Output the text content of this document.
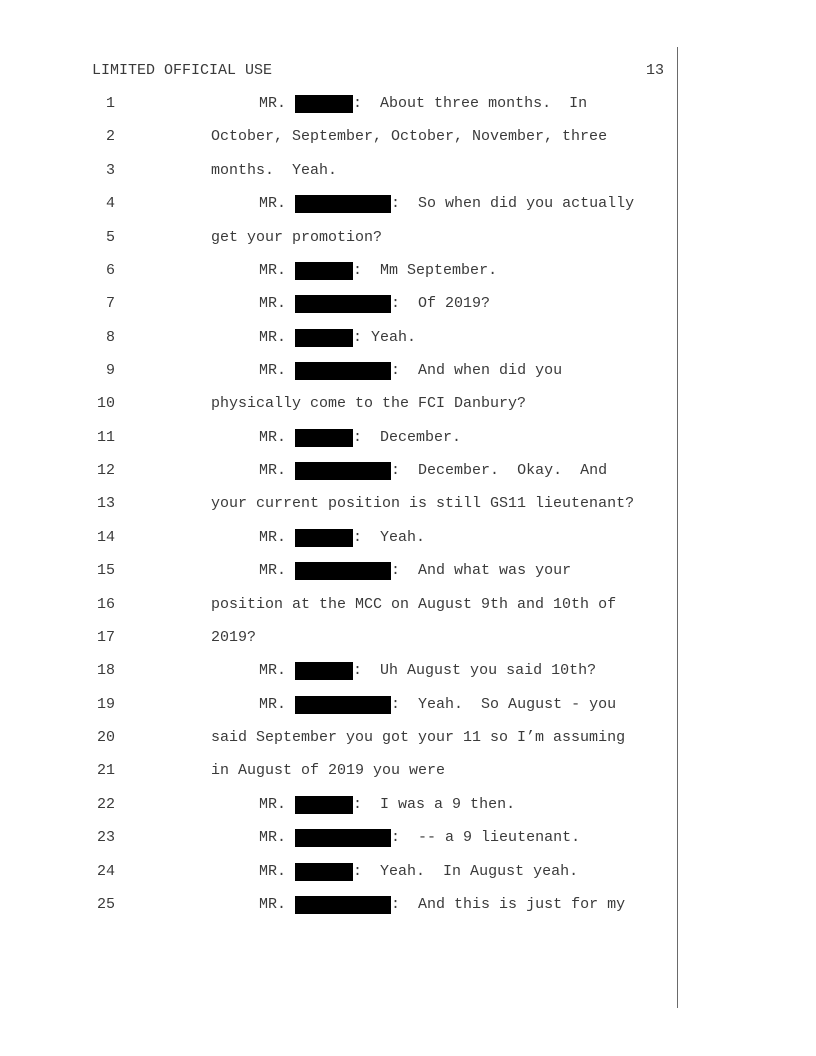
LIMITED OFFICIAL USE	13
1	MR.	:  About three months.  In
2	October, September, October, November, three
3	months.  Yeah.
4	MR.	:  So when did you actually
5	get your promotion?
6	MR.	:  Mm September.
7	MR.	:  Of 2019?
8	MR.	: Yeah.
9	MR.	:  And when did you
10	physically come to the FCI Danbury?
11	MR.	:  December.
12	MR.	:  December.  Okay.  And
13	your current position is still GS11 lieutenant?
14	MR.	:  Yeah.
15	MR.	:  And what was your
16	position at the MCC on August 9th and 10th of
17	2019?
18	MR.	:  Uh August you said 10th?
19	MR.	:  Yeah.  So August - you
20	said September you got your 11 so I’m assuming
21	in August of 2019 you were
22	MR.	:  I was a 9 then.
23	MR.	:  -- a 9 lieutenant.
24	MR.	:  Yeah.  In August yeah.
25	MR.	:  And this is just for my
